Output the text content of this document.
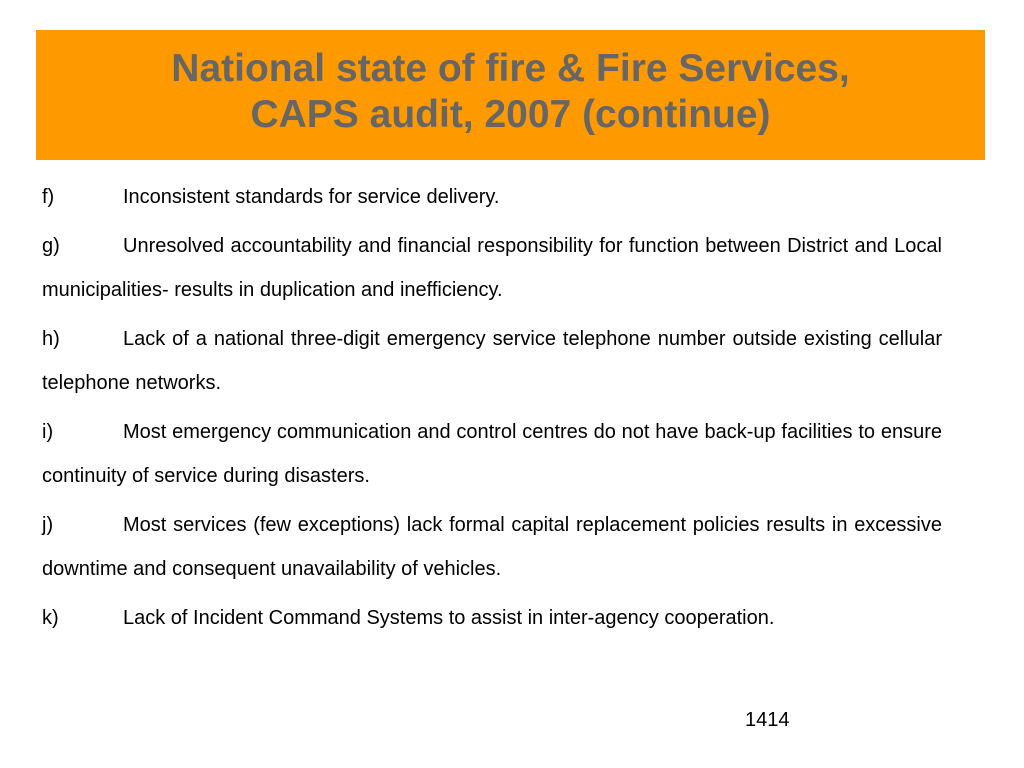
National state of fire & Fire Services,
CAPS audit, 2007 (continue)

f)	Inconsistent standards for service delivery.

g)	Unresolved accountability and financial responsibility for function between District and Local municipalities- results in duplication and inefficiency.

h)	Lack of a national three-digit emergency service telephone number outside existing cellular telephone networks.

i)	Most emergency communication and control centres do not have back-up facilities to ensure continuity of service during disasters.

j)	Most services (few exceptions) lack formal capital replacement policies results in excessive downtime and consequent unavailability of vehicles.

k)	Lack of Incident Command Systems to assist in inter-agency cooperation.

1414
